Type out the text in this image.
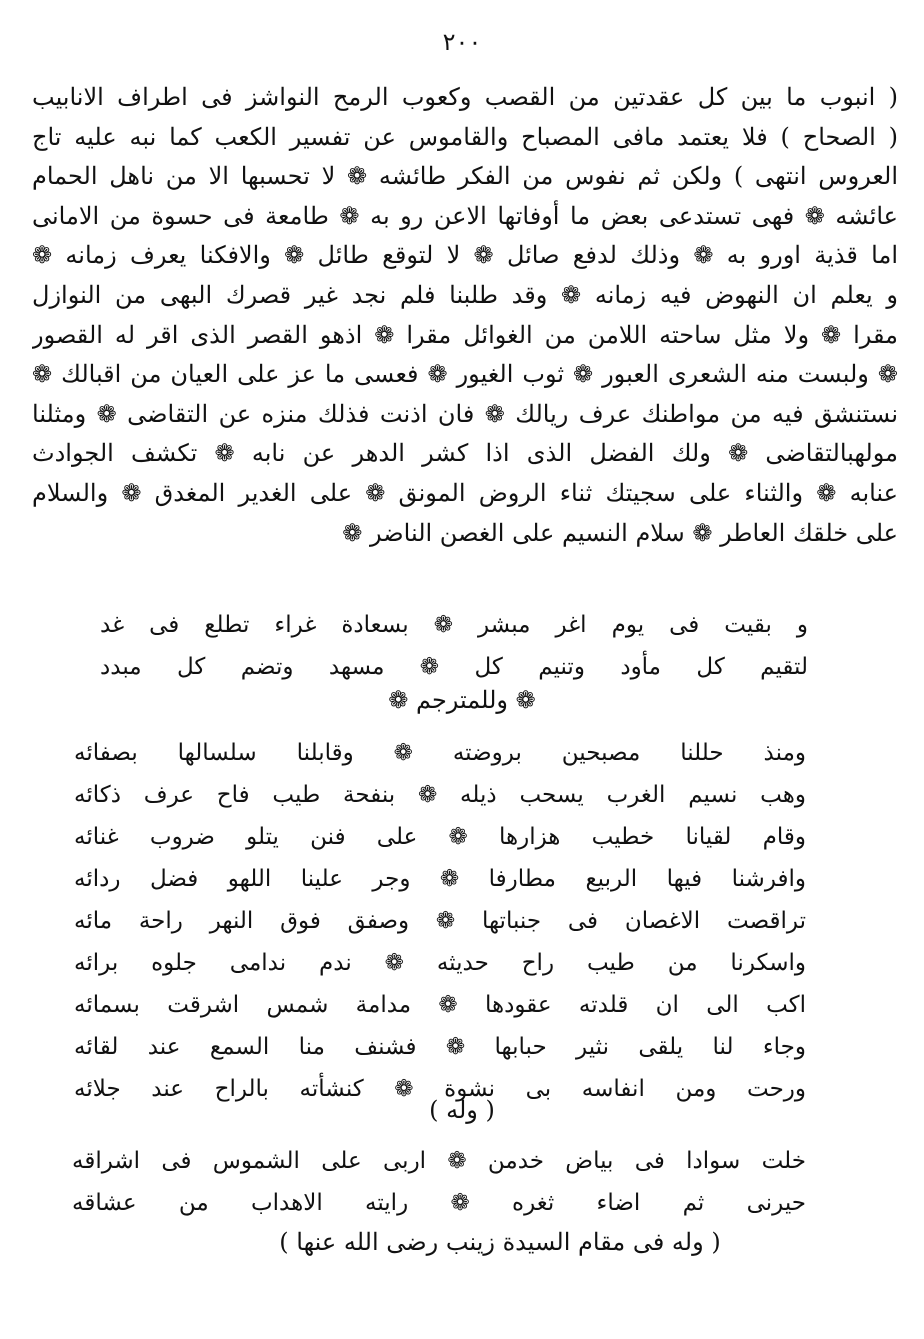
٢٠٠
( انبوب ما بين كل عقدتين من القصب وكعوب الرمح النواشز فى اطراف الانابيب
( الصحاح ) فلا يعتمد مافى المصباح والقاموس عن تفسير الكعب كما نبه عليه تاج
العروس انتهى ) ولكن ثم نفوس من الفكر طائشه ❁ لا تحسبها الا من ناهل الحمام
عائشه ❁ فهى تستدعى بعض ما أوفاتها الاعن رو به ❁ طامعة فى حسوة من الامانى
اما قذية اورو به ❁ وذلك لدفع صائل ❁ لا لتوقع طائل ❁ والافكنا يعرف زمانه ❁
و يعلم ان النهوض فيه زمانه ❁ وقد طلبنا فلم نجد غير قصرك البهى من النوازل
مقرا ❁ ولا مثل ساحته اللامن من الغوائل مقرا ❁ اذهو القصر الذى اقر له القصور
❁ ولبست منه الشعرى العبور ❁ ثوب الغيور ❁ فعسى ما عز على العيان من اقبالك ❁
نستنشق فيه من مواطنك عرف ريالك ❁ فان اذنت فذلك منزه عن التقاضى ❁ ومثلنا
مولهبالتقاضى ❁ ولك الفضل الذى اذا كشر الدهر عن نابه ❁ تكشف الجوادث
عنابه ❁ والثناء على سجيتك ثناء الروض المونق ❁ على الغدير المغدق ❁ والسلام
على خلقك العاطر ❁ سلام النسيم على الغصن الناضر ❁
و بقيت فى يوم اغر مبشر ❁ بسعادة غراء تطلع فى غد
لتقيم كل مأود وتنيم كل ❁ مسهد وتضم كل مبدد
❁ وللمترجم ❁
ومنذ حللنا مصبحين بروضته ❁ وقابلنا سلسالها بصفائه
وهب نسيم الغرب يسحب ذيله ❁ بنفحة طيب فاح عرف ذكائه
وقام لقيانا خطيب هزارها ❁ على فنن يتلو ضروب غنائه
وافرشنا فيها الربيع مطارفا ❁ وجر علينا اللهو فضل ردائه
تراقصت الاغصان فى جنباتها ❁ وصفق فوق النهر راحة مائه
واسكرنا من طيب راح حديثه ❁ ندم ندامى جلوه برائه
اكب الى ان قلدته عقودها ❁ مدامة شمس اشرقت بسمائه
وجاء لنا يلقى نثير حبابها ❁ فشنف منا السمع عند لقائه
ورحت ومن انفاسه بى نشوة ❁ كنشأته بالراح عند جلائه
( وله )
خلت سوادا فى بياض خدمن ❁ اربى على الشموس فى اشراقه
حيرنى ثم اضاء ثغره ❁ رايته الاهداب من عشاقه
( وله فى مقام السيدة زينب رضى الله عنها )
